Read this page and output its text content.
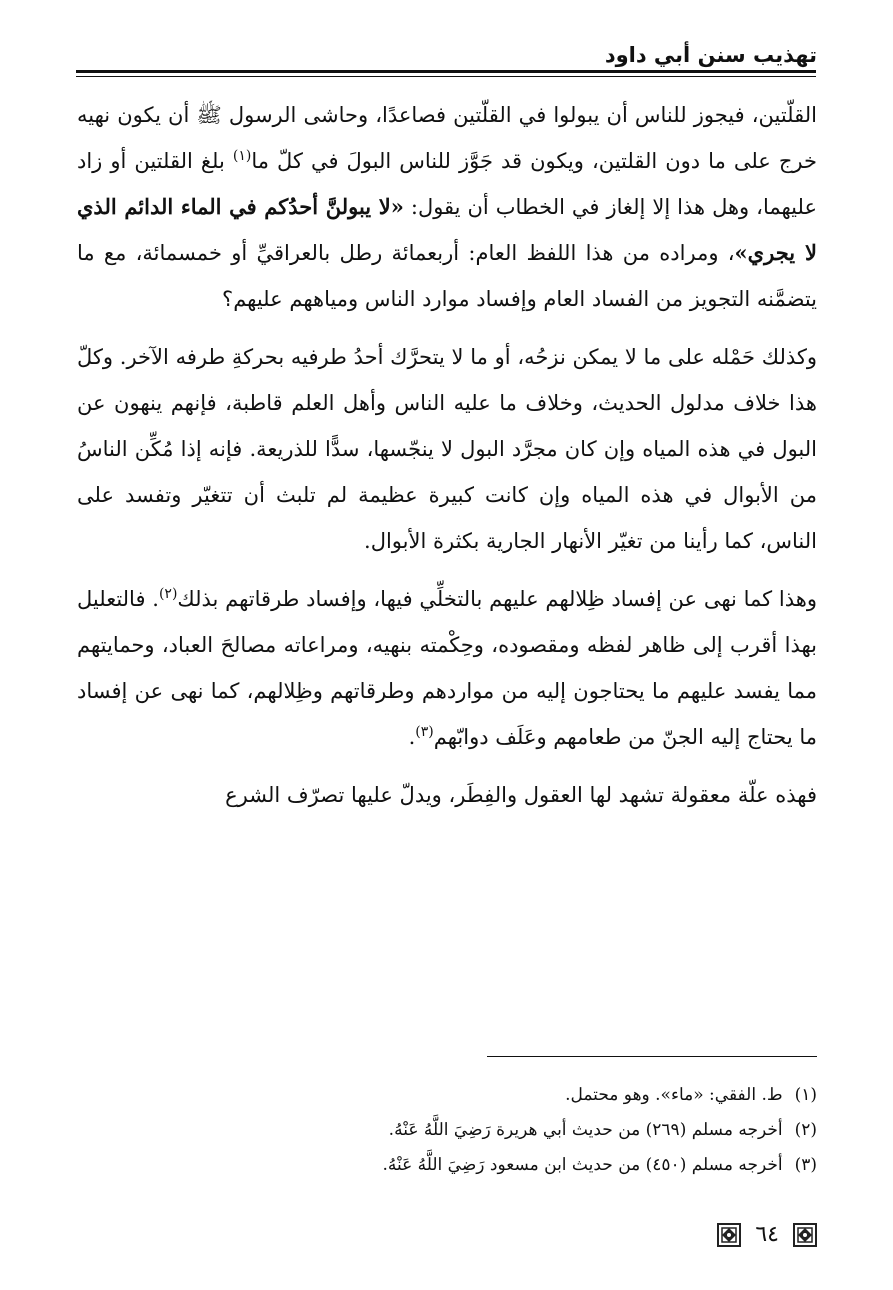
تهذيب سنن أبي داود

القلّتين، فيجوز للناس أن يبولوا في القلّتين فصاعدًا، وحاشى الرسول ﷺ أن يكون نهيه خرج على ما دون القلتين، ويكون قد جَوَّز للناس البولَ في كلّ ما$^{(١)}$ بلغ القلتين أو زاد عليهما، وهل هذا إلا إلغاز في الخطاب أن يقول: «لا يبولنَّ أحدُكم في الماء الدائم الذي لا يجري»، ومراده من هذا اللفظ العام: أربعمائة رطل بالعراقيِّ أو خمسمائة، مع ما يتضمَّنه التجويز من الفساد العام وإفساد موارد الناس ومياههم عليهم؟

وكذلك حَمْله على ما لا يمكن نزحُه، أو ما لا يتحرَّك أحدُ طرفيه بحركةِ طرفه الآخر. وكلّ هذا خلاف مدلول الحديث، وخلاف ما عليه الناس وأهل العلم قاطبة، فإنهم ينهون عن البول في هذه المياه وإن كان مجرَّد البول لا ينجّسها، سدًّا للذريعة. فإنه إذا مُكِّن الناسُ من الأبوال في هذه المياه وإن كانت كبيرة عظيمة لم تلبث أن تتغيّر وتفسد على الناس، كما رأينا من تغيّر الأنهار الجارية بكثرة الأبوال.

وهذا كما نهى عن إفساد ظِلالهم عليهم بالتخلِّي فيها، وإفساد طرقاتهم بذلك$^{(٢)}$. فالتعليل بهذا أقرب إلى ظاهر لفظه ومقصوده، وحِكْمته بنهيه، ومراعاته مصالحَ العباد، وحمايتهم مما يفسد عليهم ما يحتاجون إليه من مواردهم وطرقاتهم وظِلالهم، كما نهى عن إفساد ما يحتاج إليه الجنّ من طعامهم وعَلَف دوابّهم$^{(٣)}$.

فهذه علّة معقولة تشهد لها العقول والفِطَر، ويدلّ عليها تصرّف الشرع

(١)
ط. الفقي: «ماء». وهو محتمل.
(٢)
أخرجه مسلم (٢٦٩) من حديث أبي هريرة رَضِيَ اللَّهُ عَنْهُ.
(٣)
أخرجه مسلم (٤٥٠) من حديث ابن مسعود رَضِيَ اللَّهُ عَنْهُ.
٦٤
